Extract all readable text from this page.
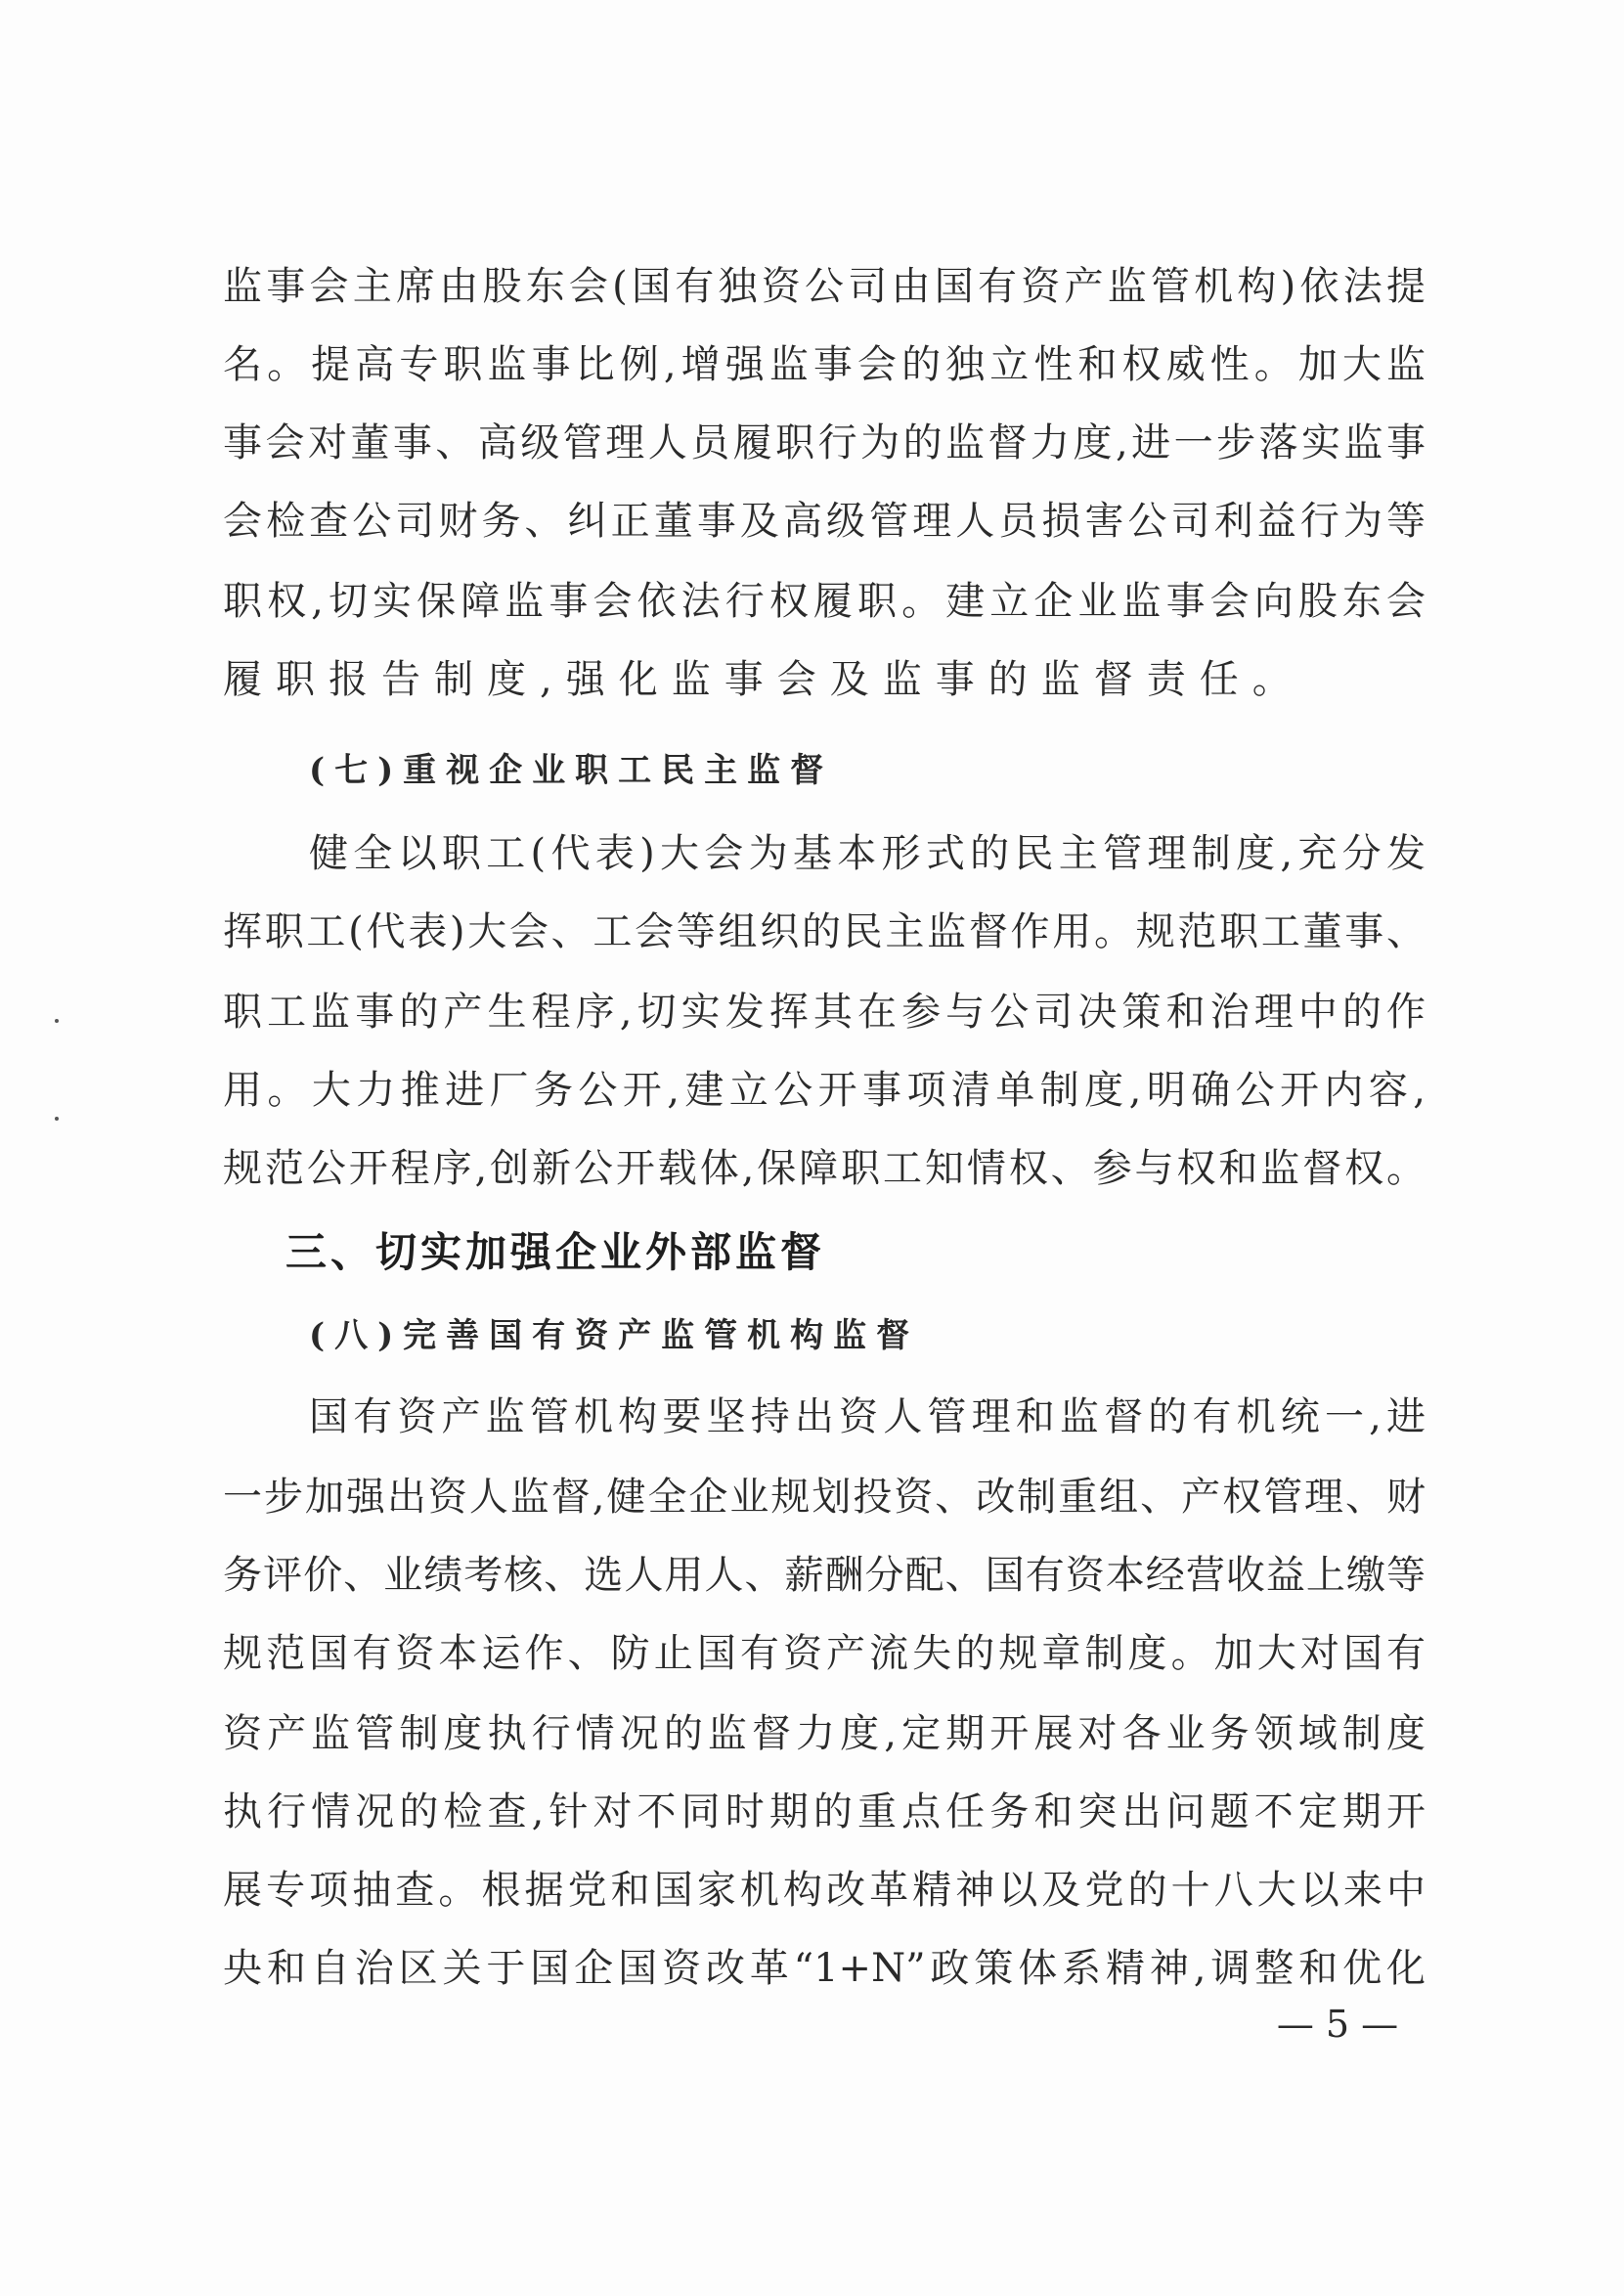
监事会主席由股东会(国有独资公司由国有资产监管机构)依法提
名。提高专职监事比例,增强监事会的独立性和权威性。加大监
事会对董事、高级管理人员履职行为的监督力度,进一步落实监事
会检查公司财务、纠正董事及高级管理人员损害公司利益行为等
职权,切实保障监事会依法行权履职。建立企业监事会向股东会
履职报告制度,强化监事会及监事的监督责任。
(七)重视企业职工民主监督
健全以职工(代表)大会为基本形式的民主管理制度,充分发
挥职工(代表)大会、工会等组织的民主监督作用。规范职工董事、
职工监事的产生程序,切实发挥其在参与公司决策和治理中的作
用。大力推进厂务公开,建立公开事项清单制度,明确公开内容,
规范公开程序,创新公开载体,保障职工知情权、参与权和监督权。
三、切实加强企业外部监督
(八)完善国有资产监管机构监督
国有资产监管机构要坚持出资人管理和监督的有机统一,进
一步加强出资人监督,健全企业规划投资、改制重组、产权管理、财
务评价、业绩考核、选人用人、薪酬分配、国有资本经营收益上缴等
规范国有资本运作、防止国有资产流失的规章制度。加大对国有
资产监管制度执行情况的监督力度,定期开展对各业务领域制度
执行情况的检查,针对不同时期的重点任务和突出问题不定期开
展专项抽查。根据党和国家机构改革精神以及党的十八大以来中
央和自治区关于国企国资改革“1+N”政策体系精神,调整和优化
— 5 —
